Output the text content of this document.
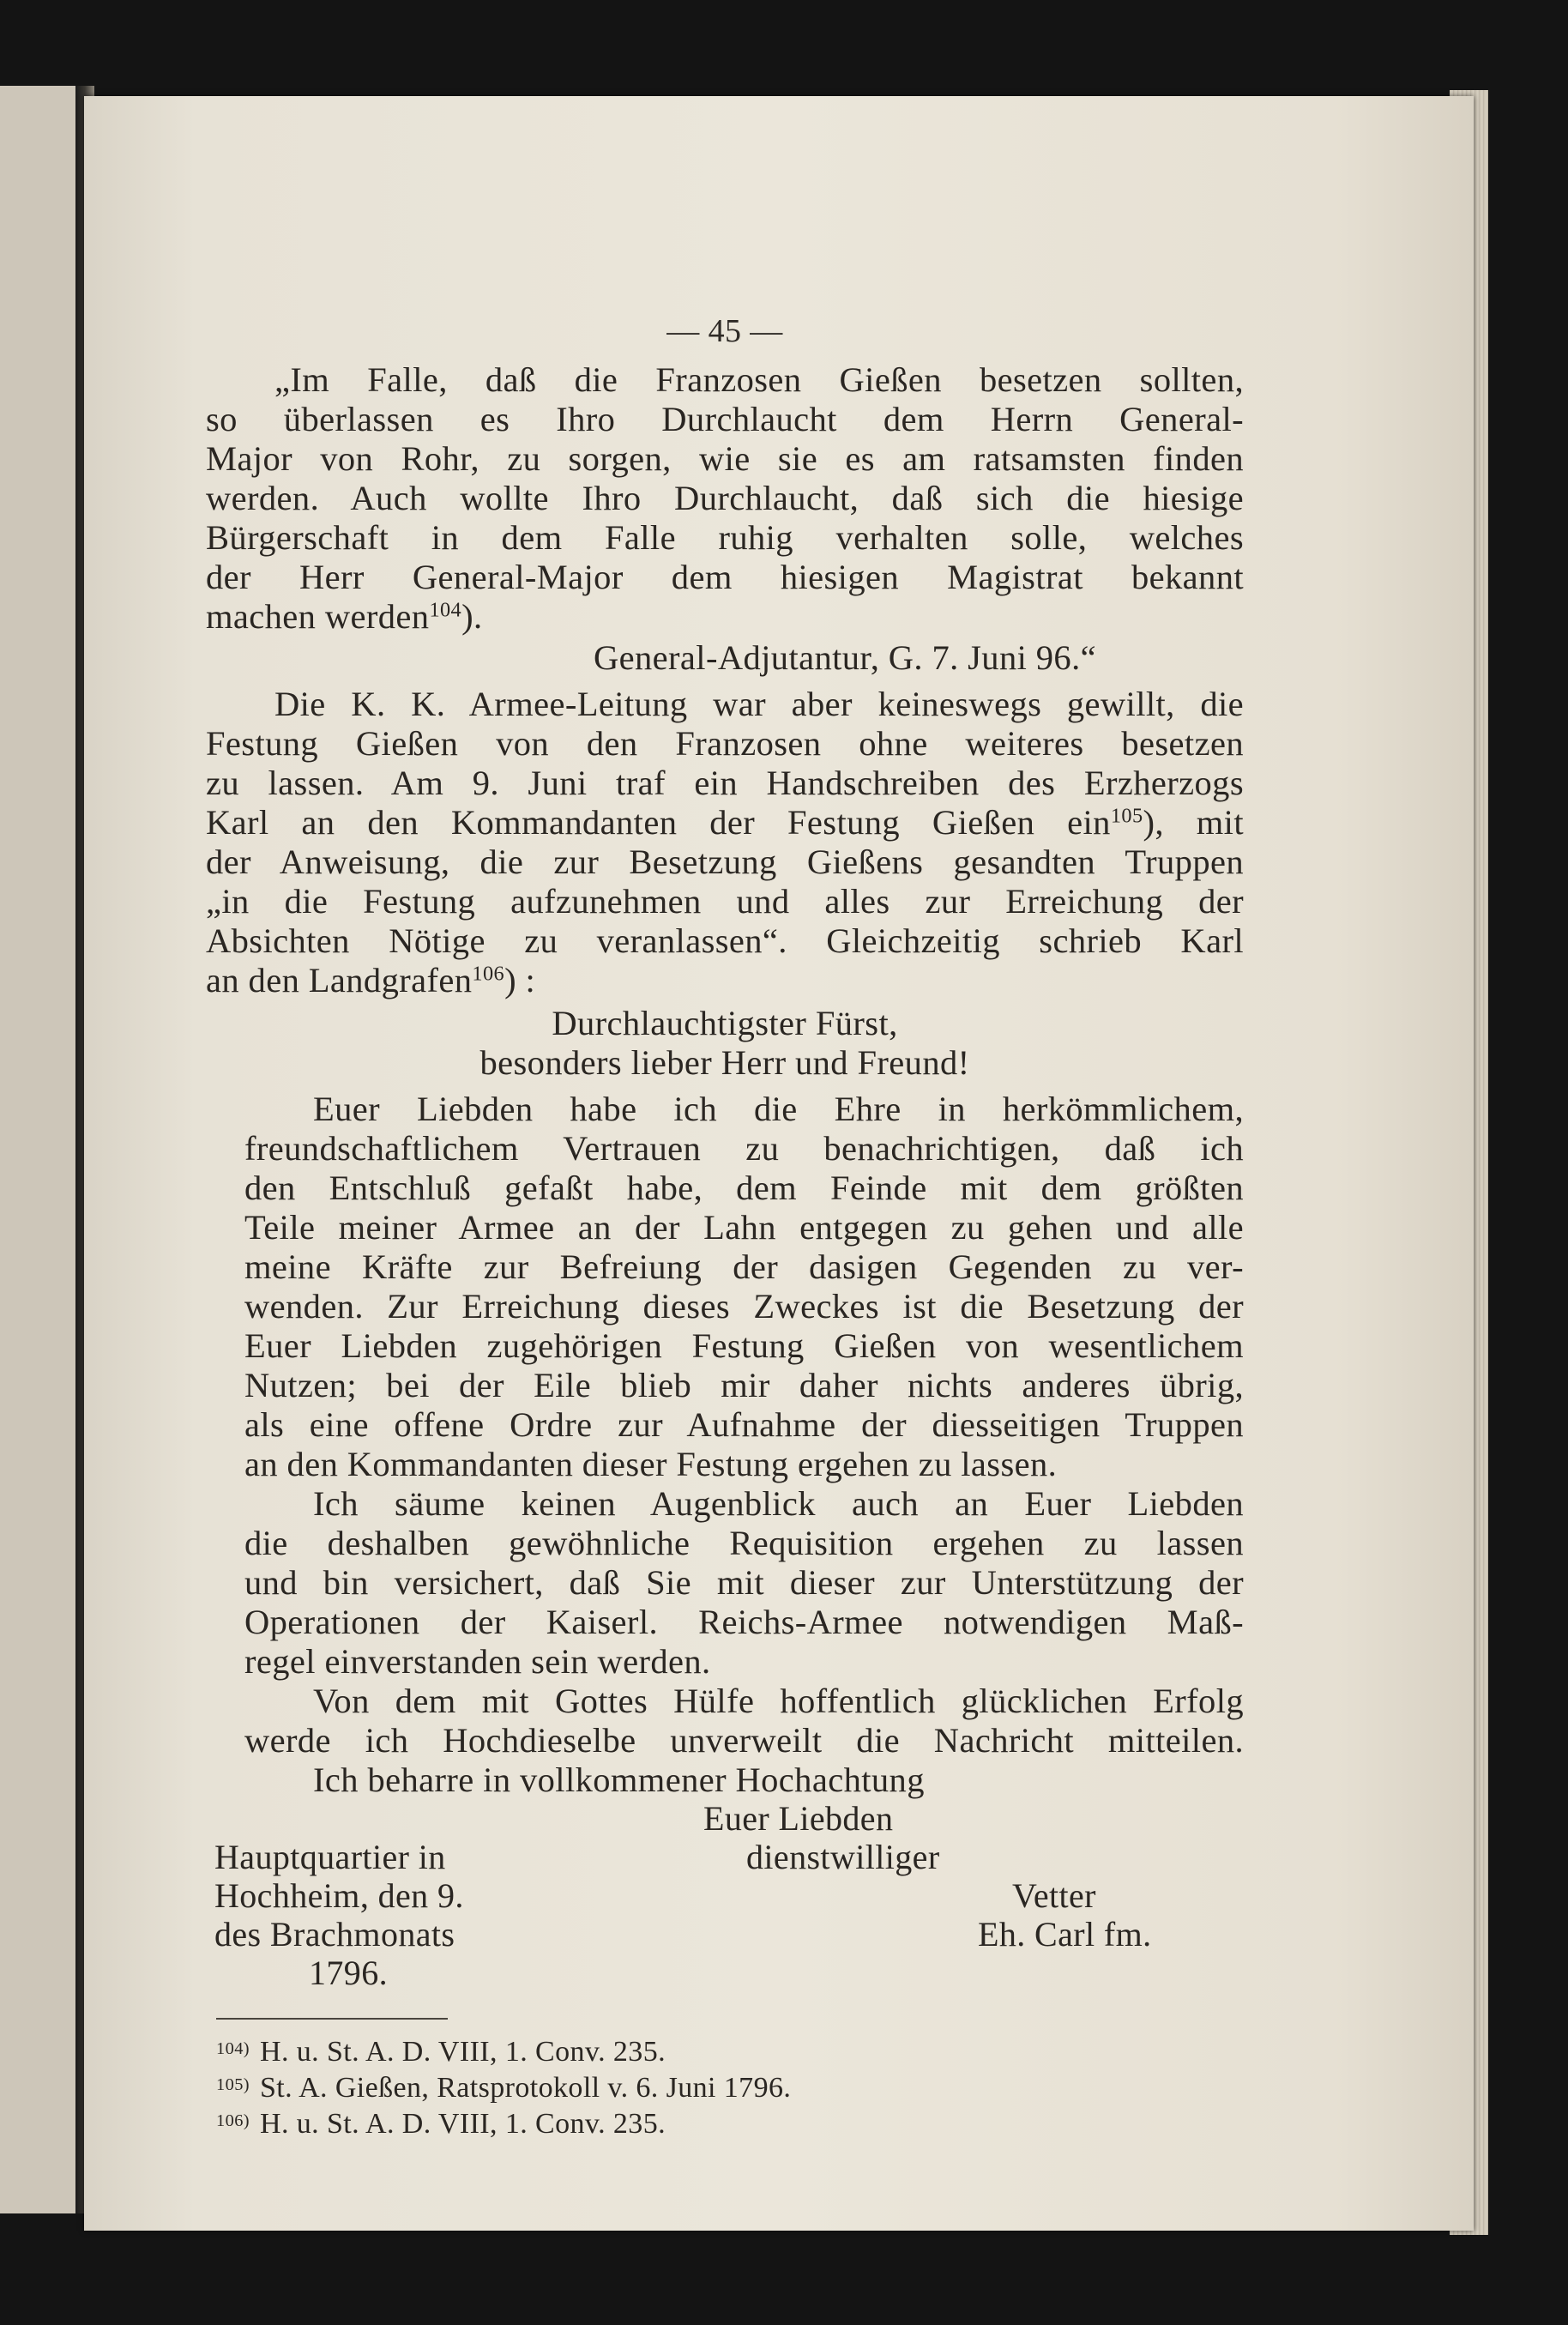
— 45 —
„Im Falle, daß die Franzosen Gießen besetzen sollten,
so überlassen es Ihro Durchlaucht dem Herrn General-
Major von Rohr, zu sorgen, wie sie es am ratsamsten finden
werden. Auch wollte Ihro Durchlaucht, daß sich die hiesige
Bürgerschaft in dem Falle ruhig verhalten solle, welches
der Herr General-Major dem hiesigen Magistrat bekannt
machen werden$^{104}$).
General-Adjutantur, G. 7. Juni 96.“
Die K. K. Armee-Leitung war aber keineswegs gewillt, die
Festung Gießen von den Franzosen ohne weiteres besetzen
zu lassen. Am 9. Juni traf ein Handschreiben des Erzherzogs
Karl an den Kommandanten der Festung Gießen ein$^{105}$), mit
der Anweisung, die zur Besetzung Gießens gesandten Truppen
„in die Festung aufzunehmen und alles zur Erreichung der
Absichten Nötige zu veranlassen“. Gleichzeitig schrieb Karl
an den Landgrafen$^{106}$) :
Durchlauchtigster Fürst,
besonders lieber Herr und Freund!
Euer Liebden habe ich die Ehre in herkömmlichem,
freundschaftlichem Vertrauen zu benachrichtigen, daß ich
den Entschluß gefaßt habe, dem Feinde mit dem größten
Teile meiner Armee an der Lahn entgegen zu gehen und alle
meine Kräfte zur Befreiung der dasigen Gegenden zu ver-
wenden. Zur Erreichung dieses Zweckes ist die Besetzung der
Euer Liebden zugehörigen Festung Gießen von wesentlichem
Nutzen; bei der Eile blieb mir daher nichts anderes übrig,
als eine offene Ordre zur Aufnahme der diesseitigen Truppen
an den Kommandanten dieser Festung ergehen zu lassen.
Ich säume keinen Augenblick auch an Euer Liebden
die deshalben gewöhnliche Requisition ergehen zu lassen
und bin versichert, daß Sie mit dieser zur Unterstützung der
Operationen der Kaiserl. Reichs-Armee notwendigen Maß-
regel einverstanden sein werden.
Von dem mit Gottes Hülfe hoffentlich glücklichen Erfolg
werde ich Hochdieselbe unverweilt die Nachricht mitteilen.
Ich beharre in vollkommener Hochachtung
Euer Liebden
dienstwilliger
Vetter
Eh. Carl fm.
Hauptquartier in
Hochheim, den 9.
des Brachmonats
1796.
$^{104)}$ H. u. St. A. D. VIII, 1. Conv. 235.
$^{105)}$ St. A. Gießen, Ratsprotokoll v. 6. Juni 1796.
$^{106)}$ H. u. St. A. D. VIII, 1. Conv. 235.
